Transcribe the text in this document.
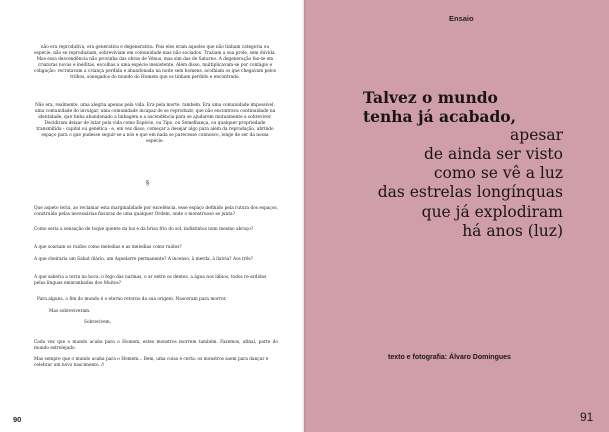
não era reprodutiva, era generativa e degenerativa. Pois eles eram aqueles que não tinham categoria ou espécie, não se reproduziam, sobreviviam em comunidade mas não sociados. Traziam a sua prole, sem dúvida. Mas essa descendência não provinha das obras de Vénus, mas sim das de Saturno. A degeneração fez-se em criaturas novas e inéditas, escolhas a uma espécie inexistente. Além disso, multiplicavam-se por contágio e coligação: recrutavam a criança perdida e abandonada na noite sem homens, acolhiam os que chegavam pelos trilhos, sonegados do mundo do Homem que os tinham perdido e encontrado.

Não era, realmente, uma alegria apenas pela vida. Era pela morte, também. Era uma comunidade impossível, uma comunidade do invulgar, uma comunidade incapaz de se reproduzir, que não encontrava continuidade na identidade, que tinha abandonado a linhagem e a ascendência para se ajudarem mutuamente a sobreviver. Decidiram deixar de lutar pela vida como Espécie, ou Tipo, ou Semelhança, ou qualquer propriedade transmitida - capital ou genética - e, em vez disso, começar a desejar algo para além da reprodução, abrindo espaço para o que pudesse seguir-se a nós e que em nada se parecesse connosco, longe de ser da nossa espécie.

§

Que aspeto teria, ao reclamar esta marginalidade por excelência, esse espaço definido pela rutura dos espaços, construído pelas necessárias fissuras de uma qualquer Ordem, onde o monstruoso se junta?

Como seria a sensação de toque quente da luz e da brisa frio do sol, indistintos num mesmo abraço?

A que soariam os ruídos como melodias e as melodias como ruídos?

A que cheiraria um Sabat diário, um Aquelarre permanente? A incenso, à merda, à lixívia? Aos três?

A que saberia a terra na boca, o fogo das narinas, o ar entre os dentes, a água nos lábios, todos re-ardidos pelas línguas emaranhadas dos Muitos?

Para alguns, o fim do mundo é o eterno retorno da sua origem. Nasceram para morrer.

Mas sobreviveram.

Sobrevivem.

Cada vez que o mundo acaba para o Homem, estes monstros morrem também. Fazemos, afinal, parte do mundo estrelejado.

Mas sempre que o mundo acaba para o Homem... Bem, uma coisa é certa: os monstros saem para dançar e celebrar um novo nascimento. //

90
Ensaio
Talvez o mundo
tenha já acabado,
apesar
de ainda ser visto
como se vê a luz
das estrelas longínquas
que já explodiram
há anos (luz)
texto e fotografia: Álvaro Domingues
91
